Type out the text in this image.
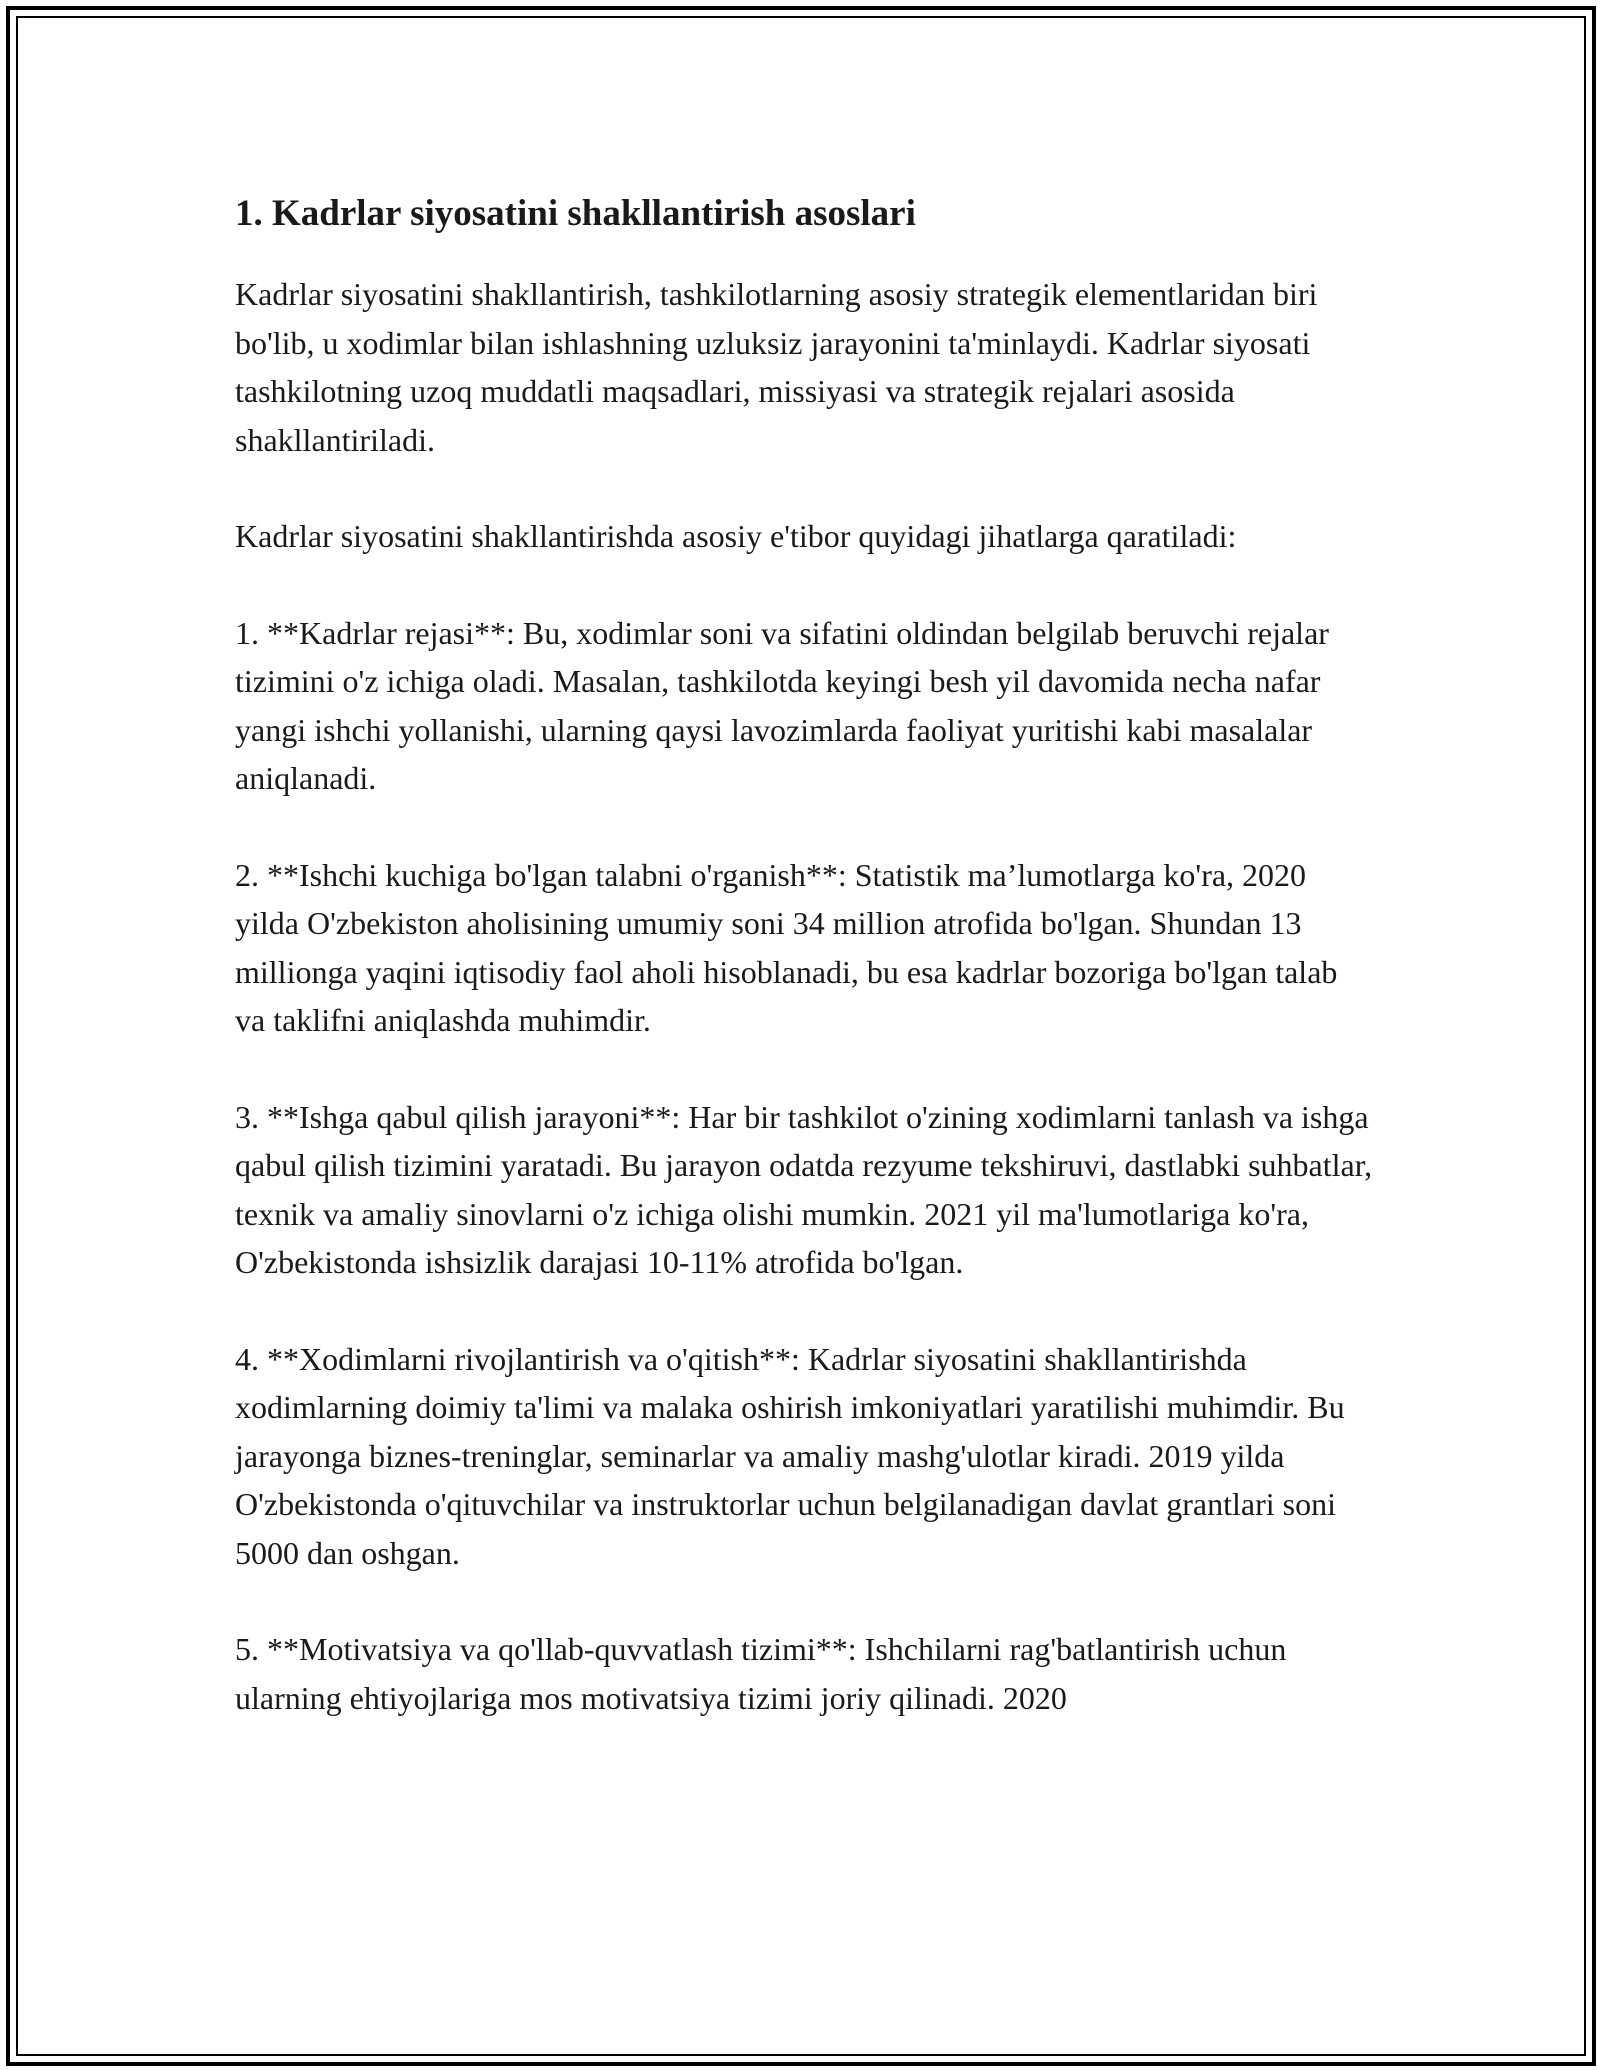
1. Kadrlar siyosatini shakllantirish asoslari

Kadrlar siyosatini shakllantirish, tashkilotlarning asosiy strategik elementlaridan biri bo'lib, u xodimlar bilan ishlashning uzluksiz jarayonini ta'minlaydi. Kadrlar siyosati tashkilotning uzoq muddatli maqsadlari, missiyasi va strategik rejalari asosida shakllantiriladi.

Kadrlar siyosatini shakllantirishda asosiy e'tibor quyidagi jihatlarga qaratiladi:

1. **Kadrlar rejasi**: Bu, xodimlar soni va sifatini oldindan belgilab beruvchi rejalar tizimini o'z ichiga oladi. Masalan, tashkilotda keyingi besh yil davomida necha nafar yangi ishchi yollanishi, ularning qaysi lavozimlarda faoliyat yuritishi kabi masalalar aniqlanadi.

2. **Ishchi kuchiga bo'lgan talabni o'rganish**: Statistik ma’lumotlarga ko'ra, 2020 yilda O'zbekiston aholisining umumiy soni 34 million atrofida bo'lgan. Shundan 13 millionga yaqini iqtisodiy faol aholi hisoblanadi, bu esa kadrlar bozoriga bo'lgan talab va taklifni aniqlashda muhimdir.

3. **Ishga qabul qilish jarayoni**: Har bir tashkilot o'zining xodimlarni tanlash va ishga qabul qilish tizimini yaratadi. Bu jarayon odatda rezyume tekshiruvi, dastlabki suhbatlar, texnik va amaliy sinovlarni o'z ichiga olishi mumkin. 2021 yil ma'lumotlariga ko'ra, O'zbekistonda ishsizlik darajasi 10-11% atrofida bo'lgan.

4. **Xodimlarni rivojlantirish va o'qitish**: Kadrlar siyosatini shakllantirishda xodimlarning doimiy ta'limi va malaka oshirish imkoniyatlari yaratilishi muhimdir. Bu jarayonga biznes-treninglar, seminarlar va amaliy mashg'ulotlar kiradi. 2019 yilda O'zbekistonda o'qituvchilar va instruktorlar uchun belgilanadigan davlat grantlari soni 5000 dan oshgan.

5. **Motivatsiya va qo'llab-quvvatlash tizimi**: Ishchilarni rag'batlantirish uchun ularning ehtiyojlariga mos motivatsiya tizimi joriy qilinadi. 2020
